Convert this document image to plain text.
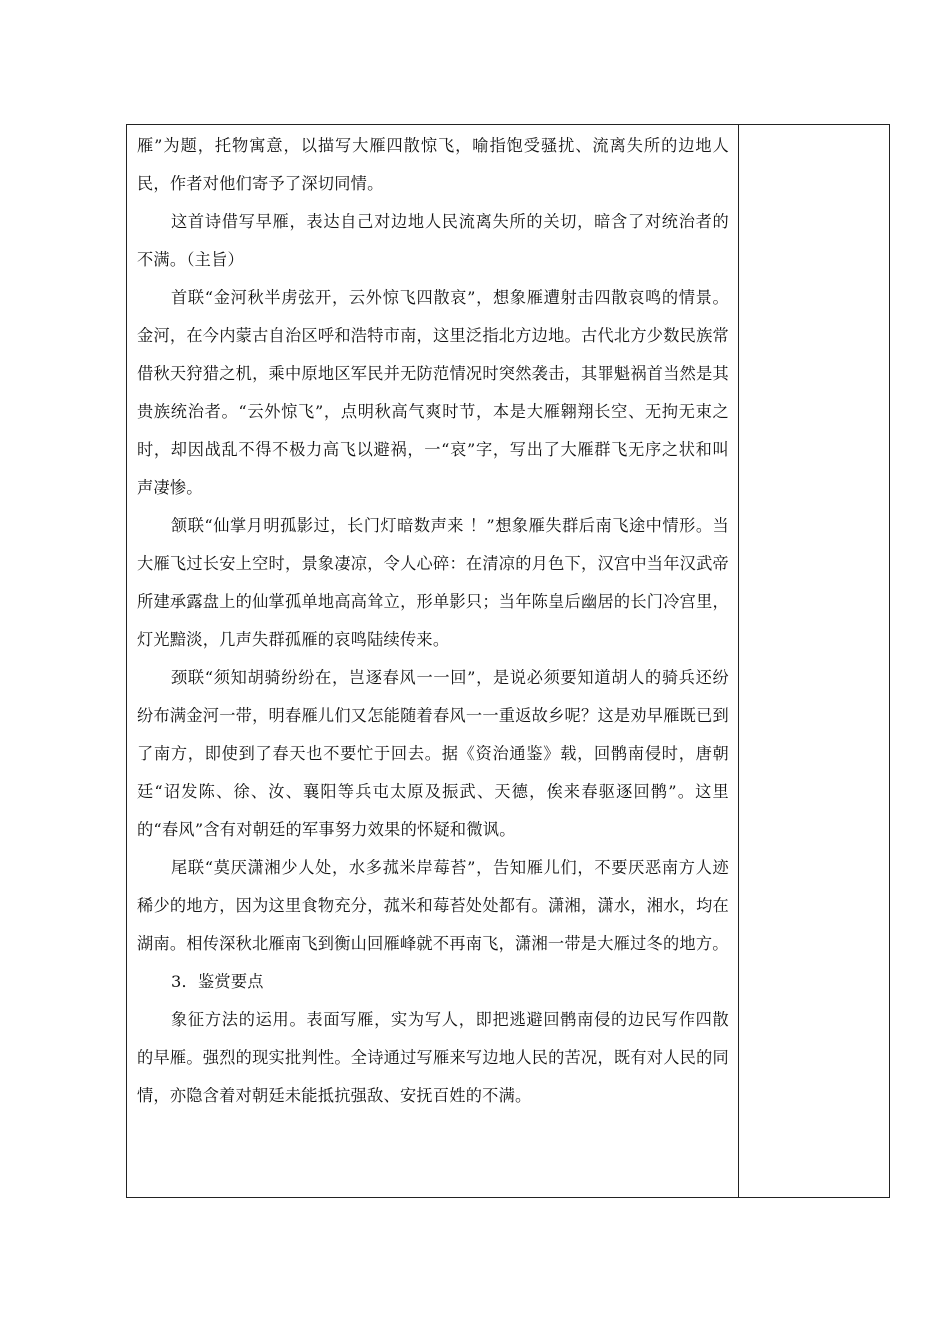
雁”为题，托物寓意，以描写大雁四散惊飞，喻指饱受骚扰、流离失所的边地人民，作者对他们寄予了深切同情。

这首诗借写早雁，表达自己对边地人民流离失所的关切，暗含了对统治者的不满。（主旨）

首联“金河秋半虏弦开，云外惊飞四散哀”，想象雁遭射击四散哀鸣的情景。金河，在今内蒙古自治区呼和浩特市南，这里泛指北方边地。古代北方少数民族常借秋天狩猎之机，乘中原地区军民并无防范情况时突然袭击，其罪魁祸首当然是其贵族统治者。“云外惊飞”，点明秋高气爽时节，本是大雁翱翔长空、无拘无束之时，却因战乱不得不极力高飞以避祸，一“哀”字，写出了大雁群飞无序之状和叫声凄惨。

颔联“仙掌月明孤影过，长门灯暗数声来 ！”想象雁失群后南飞途中情形。当大雁飞过长安上空时，景象凄凉，令人心碎：在清凉的月色下，汉宫中当年汉武帝所建承露盘上的仙掌孤单地高高耸立，形单影只；当年陈皇后幽居的长门冷宫里，灯光黯淡，几声失群孤雁的哀鸣陆续传来。

颈联“须知胡骑纷纷在，岂逐春风一一回”，是说必须要知道胡人的骑兵还纷纷布满金河一带，明春雁儿们又怎能随着春风一一重返故乡呢？这是劝早雁既已到了南方，即使到了春天也不要忙于回去。据《资治通鉴》载，回鹘南侵时，唐朝廷“诏发陈、徐、汝、襄阳等兵屯太原及振武、天德，俟来春驱逐回鹘”。这里的“春风”含有对朝廷的军事努力效果的怀疑和微讽。

尾联“莫厌潇湘少人处，水多菰米岸莓苔”，告知雁儿们，不要厌恶南方人迹稀少的地方，因为这里食物充分，菰米和莓苔处处都有。潇湘，潇水，湘水，均在湖南。相传深秋北雁南飞到衡山回雁峰就不再南飞，潇湘一带是大雁过冬的地方。

3．鉴赏要点

象征方法的运用。表面写雁，实为写人，即把逃避回鹘南侵的边民写作四散的早雁。强烈的现实批判性。全诗通过写雁来写边地人民的苦况，既有对人民的同情，亦隐含着对朝廷未能抵抗强敌、安抚百姓的不满。
